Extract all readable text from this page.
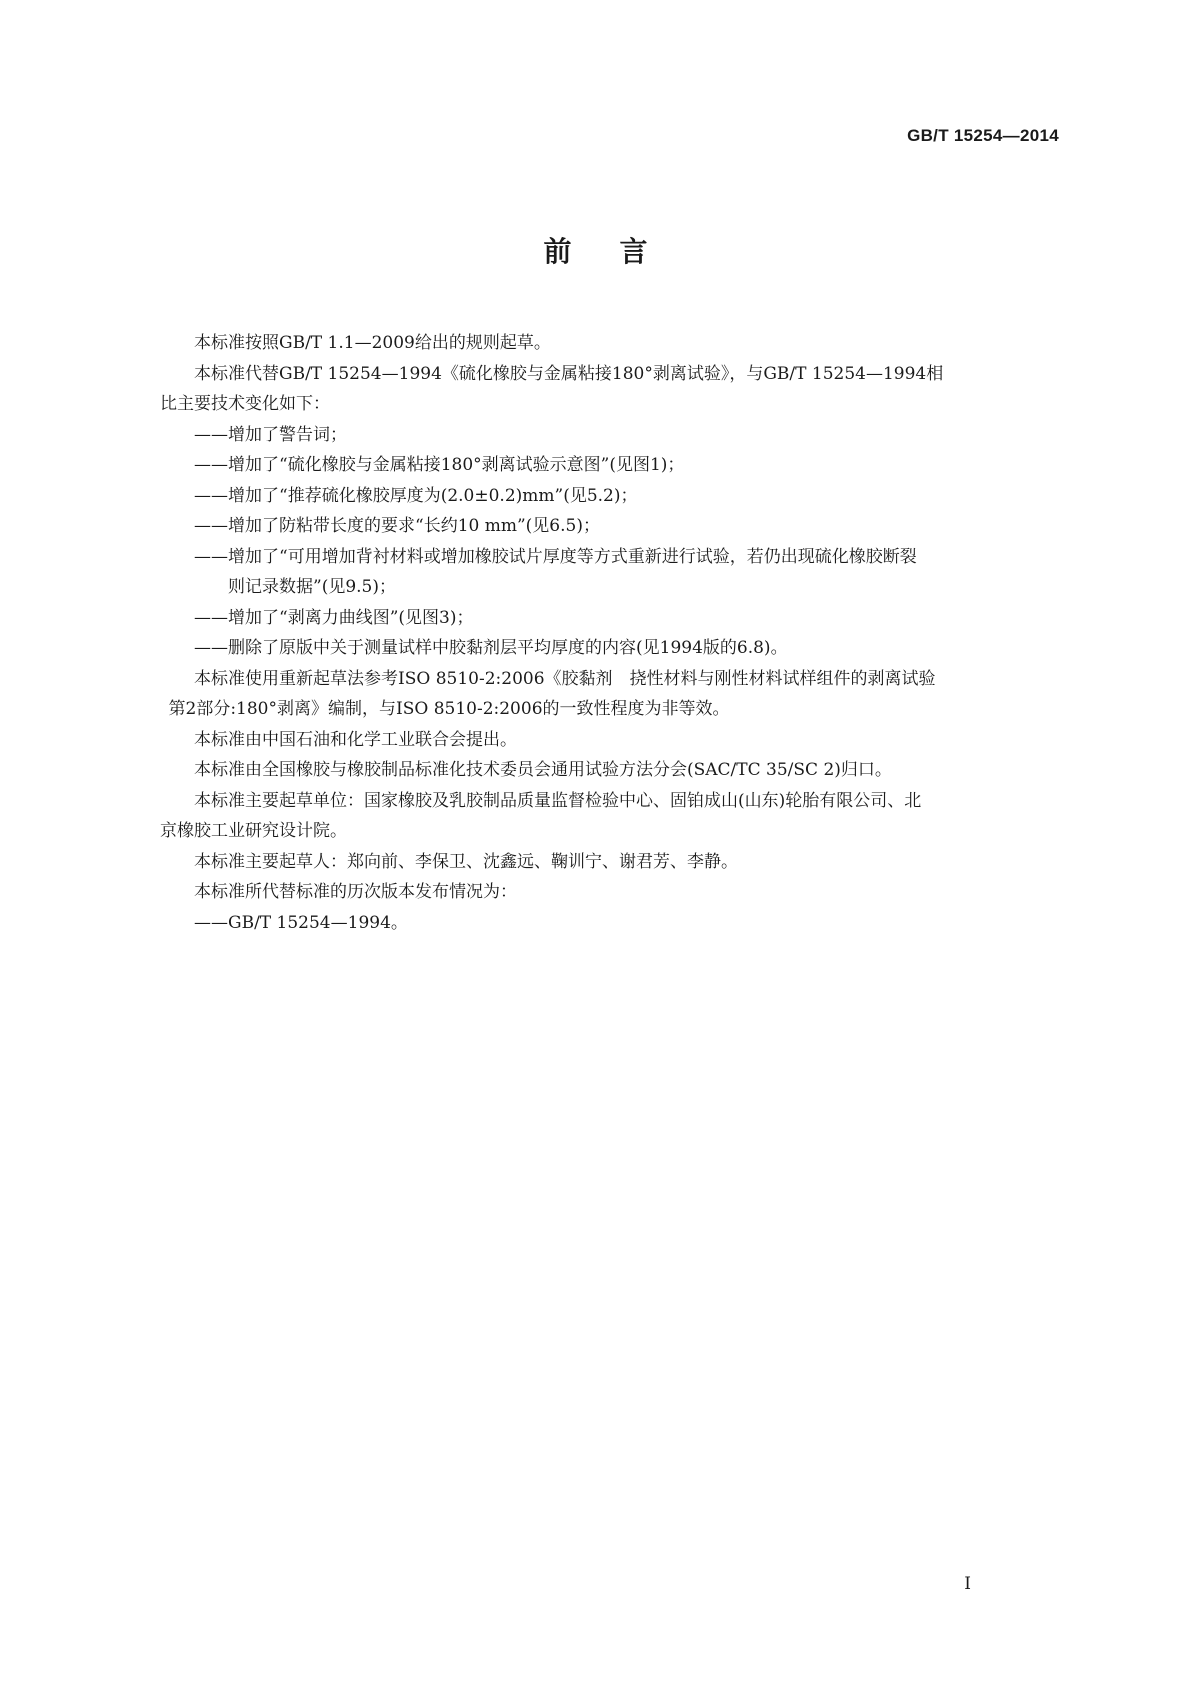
GB/T 15254—2014
前言

本标准按照GB/T 1.1—2009给出的规则起草。

本标准代替GB/T 15254—1994《硫化橡胶与金属粘接180°剥离试验》，与GB/T 15254—1994相

比主要技术变化如下：

——增加了警告词；

——增加了“硫化橡胶与金属粘接180°剥离试验示意图”(见图1)；

——增加了“推荐硫化橡胶厚度为(2.0±0.2)mm”(见5.2)；

——增加了防粘带长度的要求“长约10 mm”(见6.5)；

——增加了“可用增加背衬材料或增加橡胶试片厚度等方式重新进行试验，若仍出现硫化橡胶断裂
则记录数据”(见9.5)；

——增加了“剥离力曲线图”(见图3)；

——删除了原版中关于测量试样中胶黏剂层平均厚度的内容(见1994版的6.8)。

本标准使用重新起草法参考ISO 8510-2:2006《胶黏剂　挠性材料与刚性材料试样组件的剥离试验

第2部分:180°剥离》编制，与ISO 8510-2:2006的一致性程度为非等效。

本标准由中国石油和化学工业联合会提出。

本标准由全国橡胶与橡胶制品标准化技术委员会通用试验方法分会(SAC/TC 35/SC 2)归口。

本标准主要起草单位：国家橡胶及乳胶制品质量监督检验中心、固铂成山(山东)轮胎有限公司、北

京橡胶工业研究设计院。

本标准主要起草人：郑向前、李保卫、沈鑫远、鞠训宁、谢君芳、李静。

本标准所代替标准的历次版本发布情况为：

——GB/T 15254—1994。

I
